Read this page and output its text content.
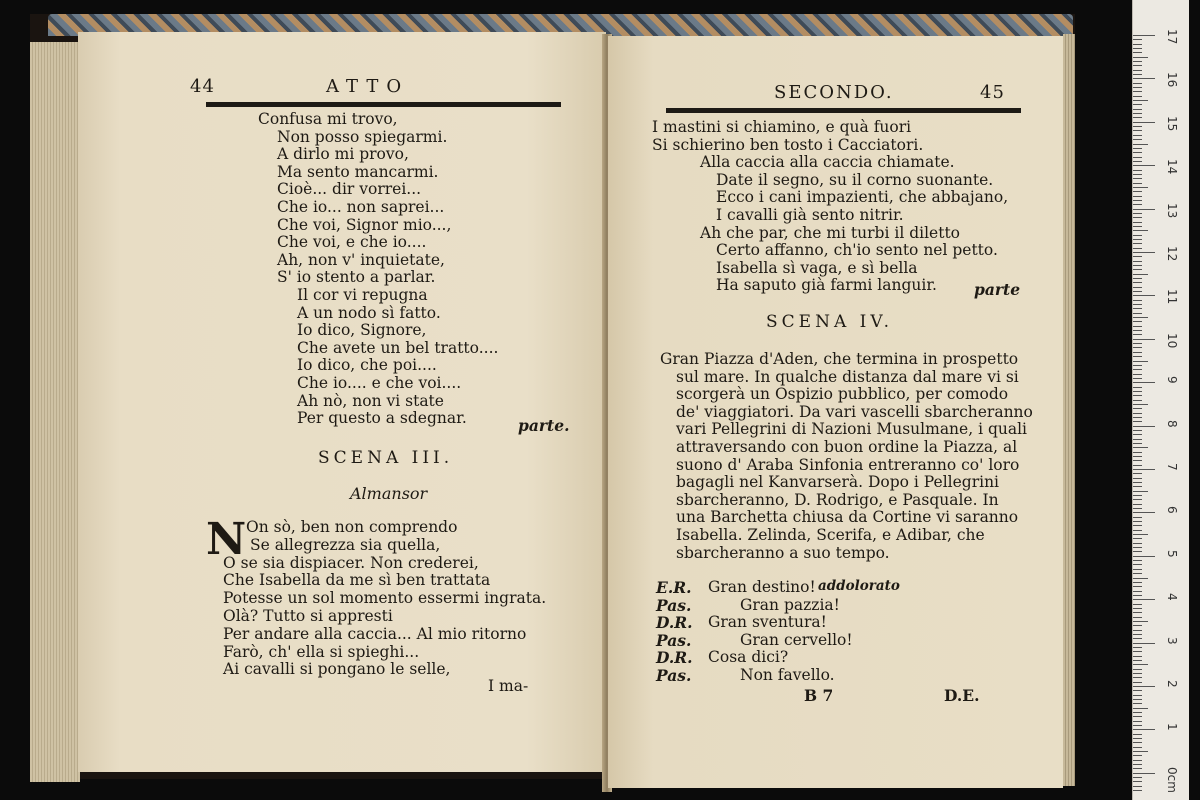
44	ATTO
Confusa mi trovo,
Non posso spiegarmi.
A dirlo mi provo,
Ma sento mancarmi.
Cioè... dir vorrei...
Che io... non saprei...
Che voi, Signor mio...,
Che voi, e che io....
Ah, non v' inquietate,
S' io stento a parlar.
Il cor vi repugna
A un nodo sì fatto.
Io dico, Signore,
Che avete un bel tratto....
Io dico, che poi....
Che io.... e che voi....
Ah nò, non vi state
Per questo a sdegnar.	parte.
SCENA III.
Almansor
N On sò, ben non comprendo
Se allegrezza sia quella,
O se sia dispiacer. Non crederei,
Che Isabella da me sì ben trattata
Potesse un sol momento essermi ingrata.
Olà? Tutto si appresti
Per andare alla caccia... Al mio ritorno
Farò, ch' ella si spieghi...
Ai cavalli si pongano le selle,
I ma-
SECONDO.	45
I mastini si chiamino, e quà fuori
Si schierino ben tosto i Cacciatori.
Alla caccia alla caccia chiamate.
Date il segno, su il corno suonante.
Ecco i cani impazienti, che abbajano,
I cavalli già sento nitrir.
Ah che par, che mi turbi il diletto
Certo affanno, ch'io sento nel petto.
Isabella sì vaga, e sì bella
Ha saputo già farmi languir. parte
SCENA IV.
Gran Piazza d'Aden, che termina in prospetto
sul mare. In qualche distanza dal mare vi si
scorgerà un Ospizio pubblico, per comodo
de' viaggiatori. Da vari vascelli sbarcheranno
vari Pellegrini di Nazioni Musulmane, i quali
attraversando con buon ordine la Piazza, al
suono d' Araba Sinfonia entreranno co' loro
bagagli nel Kanvarserà. Dopo i Pellegrini
sbarcheranno, D. Rodrigo, e Pasquale. In
una Barchetta chiusa da Cortine vi saranno
Isabella. Zelinda, Scerifa, e Adibar, che
sbarcheranno a suo tempo.
E.R. Gran destino! addolorato
Pas.	Gran pazzia!
D.R. Gran sventura!
Pas.	Gran cervello!
D.R. Cosa dici?
Pas.	Non favello.
B 7	D.E.
17
16
15
14
13
12
11
10
9
8
7
6
5
4
3
2
1
0cm
